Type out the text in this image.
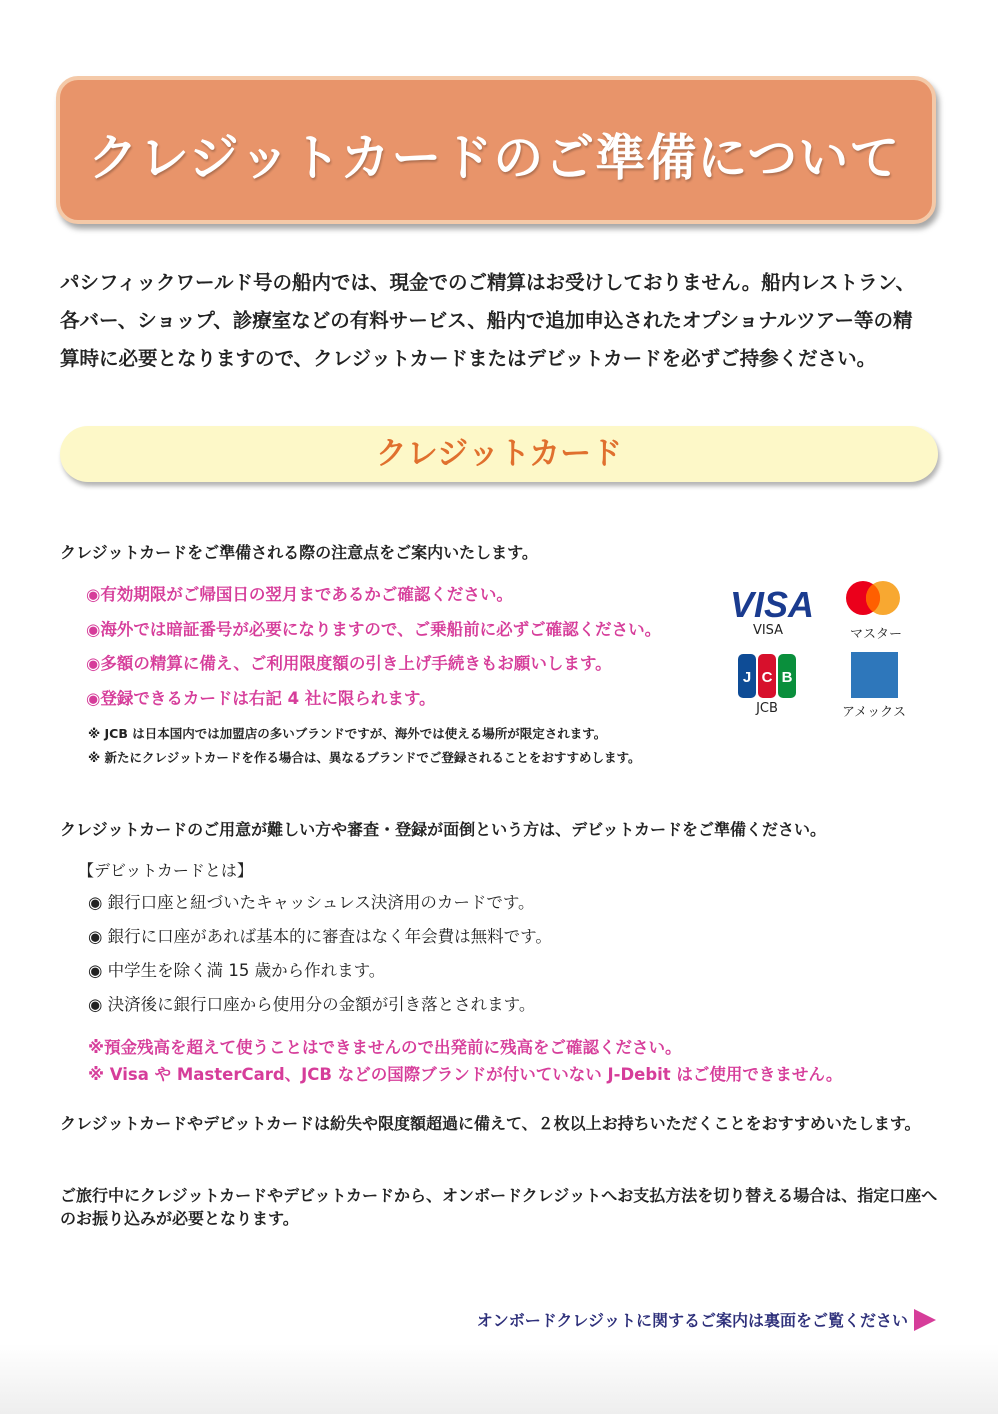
クレジットカードのご準備について
パシフィックワールド号の船内では、現金でのご精算はお受けしておりません。船内レストラン、
各バー、ショップ、診療室などの有料サービス、船内で追加申込されたオプショナルツアー等の精
算時に必要となりますので、クレジットカードまたはデビットカードを必ずご持参ください。
クレジットカード
クレジットカードをご準備される際の注意点をご案内いたします。
◉有効期限がご帰国日の翌月まであるかご確認ください。
◉海外では暗証番号が必要になりますので、ご乗船前に必ずご確認ください。
◉多額の精算に備え、ご利用限度額の引き上げ手続きもお願いします。
◉登録できるカードは右記 4 社に限られます。
※ JCB は日本国内では加盟店の多いブランドですが、海外では使える場所が限定されます。
※ 新たにクレジットカードを作る場合は、異なるブランドでご登録されることをおすすめします。
VISA
VISA	マスター
J C B
JCB	アメックス
クレジットカードのご用意が難しい方や審査・登録が面倒という方は、デビットカードをご準備ください。
【デビットカードとは】
◉ 銀行口座と紐づいたキャッシュレス決済用のカードです。
◉ 銀行に口座があれば基本的に審査はなく年会費は無料です。
◉ 中学生を除く満 15 歳から作れます。
◉ 決済後に銀行口座から使用分の金額が引き落とされます。
※預金残高を超えて使うことはできませんので出発前に残高をご確認ください。
※ Visa や MasterCard、JCB などの国際ブランドが付いていない J-Debit はご使用できません。
クレジットカードやデビットカードは紛失や限度額超過に備えて、２枚以上お持ちいただくことをおすすめいたします。
ご旅行中にクレジットカードやデビットカードから、オンボードクレジットへお支払方法を切り替える場合は、指定口座へのお振り込みが必要となります。
オンボードクレジットに関するご案内は裏面をご覧ください
